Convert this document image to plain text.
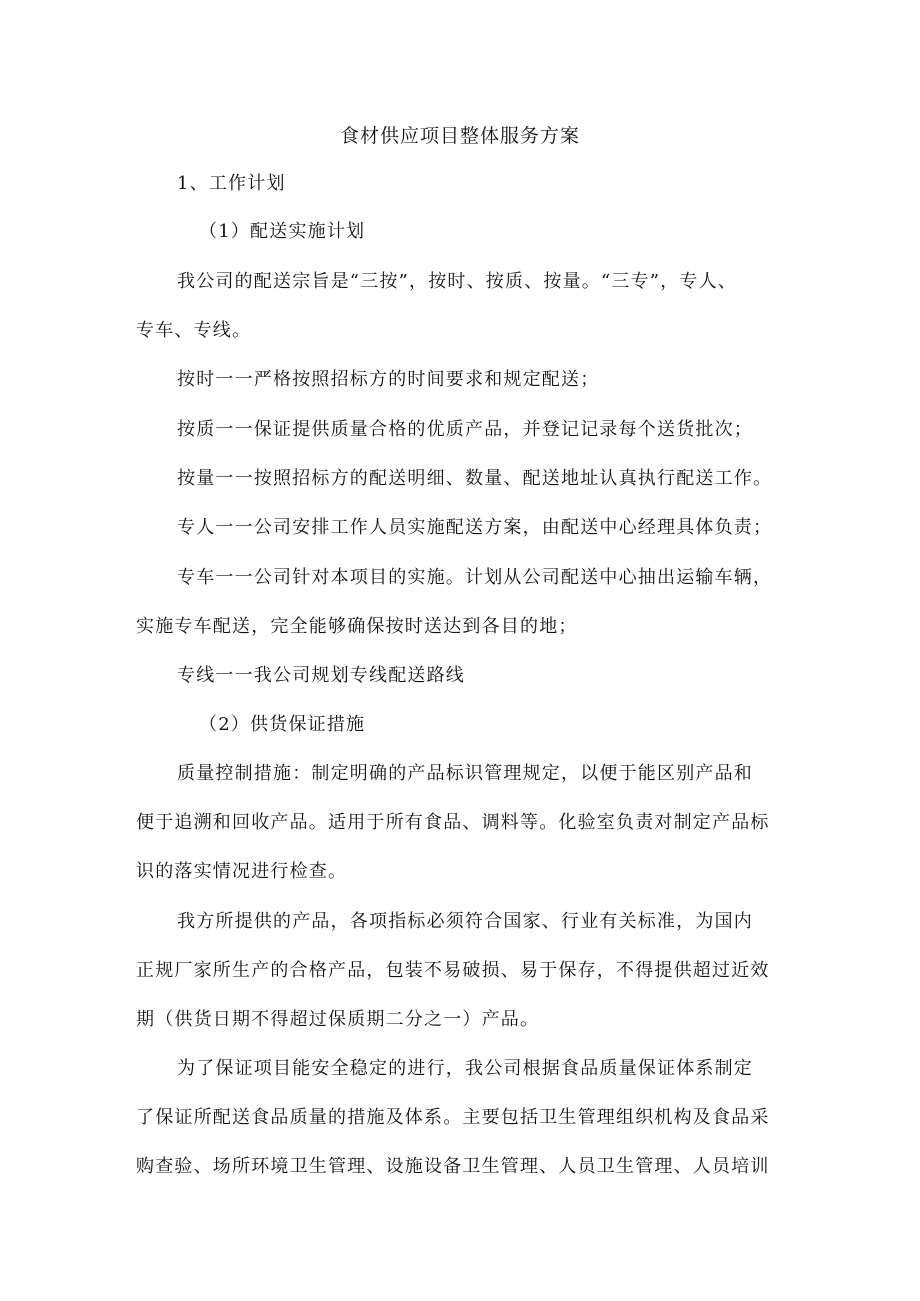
食材供应项目整体服务方案
1、工作计划
（1）配送实施计划
我公司的配送宗旨是“三按”，按时、按质、按量。“三专”，专人、
专车、专线。
按时一一严格按照招标方的时间要求和规定配送；
按质一一保证提供质量合格的优质产品，并登记记录每个送货批次；
按量一一按照招标方的配送明细、数量、配送地址认真执行配送工作。
专人一一公司安排工作人员实施配送方案，由配送中心经理具体负责；
专车一一公司针对本项目的实施。计划从公司配送中心抽出运输车辆，
实施专车配送，完全能够确保按时送达到各目的地；
专线一一我公司规划专线配送路线
（2）供货保证措施
质量控制措施：制定明确的产品标识管理规定，以便于能区别产品和
便于追溯和回收产品。适用于所有食品、调料等。化验室负责对制定产品标
识的落实情况进行检查。
我方所提供的产品，各项指标必须符合国家、行业有关标准，为国内
正规厂家所生产的合格产品，包装不易破损、易于保存，不得提供超过近效
期（供货日期不得超过保质期二分之一）产品。
为了保证项目能安全稳定的进行，我公司根据食品质量保证体系制定
了保证所配送食品质量的措施及体系。主要包括卫生管理组织机构及食品采
购查验、场所环境卫生管理、设施设备卫生管理、人员卫生管理、人员培训
